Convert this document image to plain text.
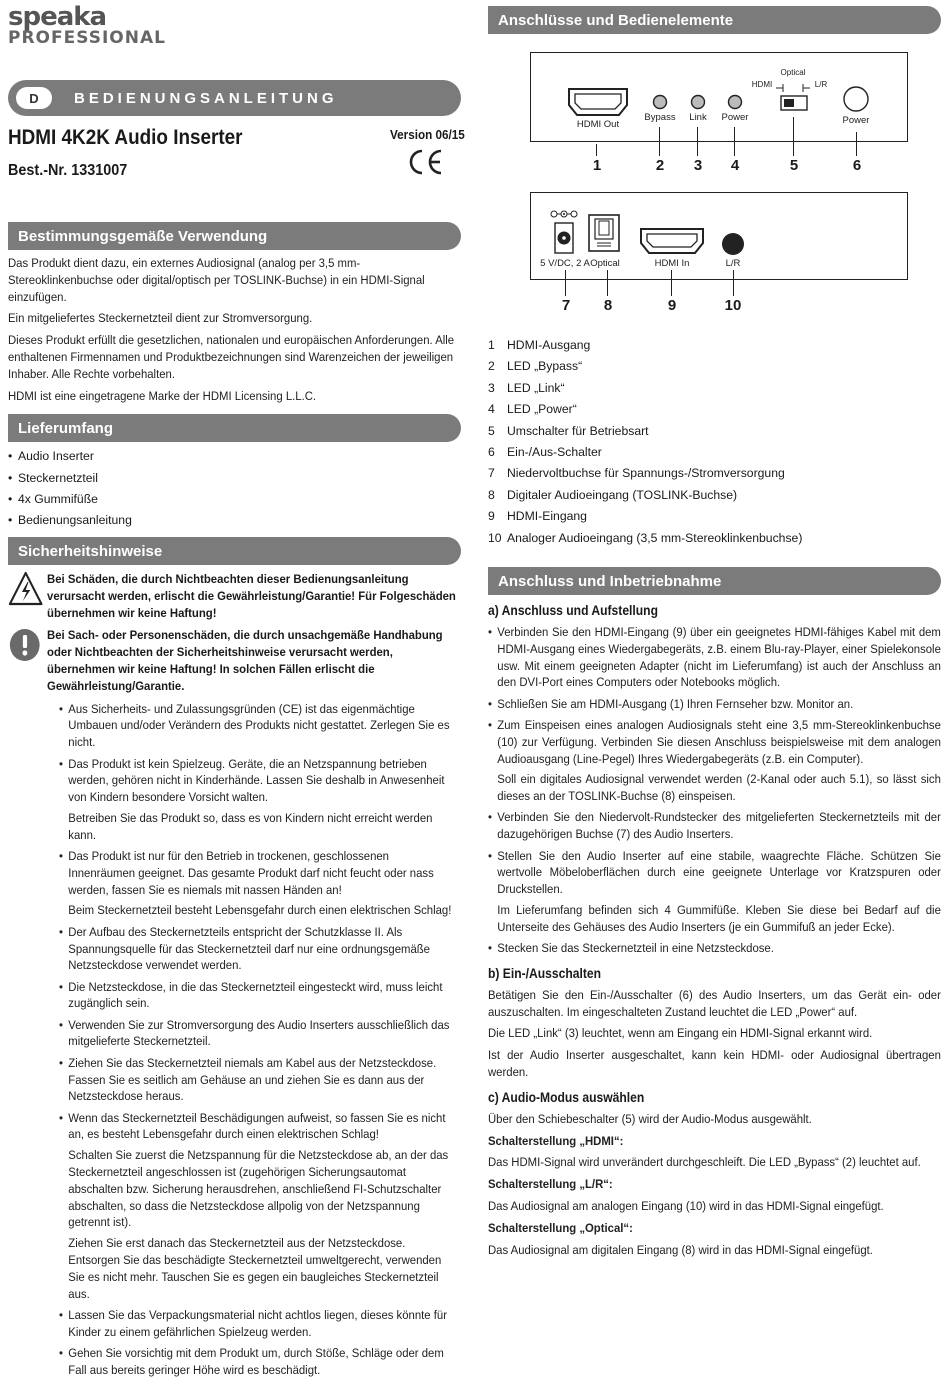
speaka
PROFESSIONAL
D	BEDIENUNGSANLEITUNG
HDMI 4K2K Audio Inserter
Best.-Nr. 1331007
Version 06/15
Bestimmungsgemäße Verwendung

Das Produkt dient dazu, ein externes Audiosignal (analog per 3,5 mm-Stereoklinkenbuchse oder digital/optisch per TOSLINK-Buchse) in ein HDMI-Signal einzufügen.

Ein mitgeliefertes Steckernetzteil dient zur Stromversorgung.

Dieses Produkt erfüllt die gesetzlichen, nationalen und europäischen Anforderungen. Alle enthaltenen Firmennamen und Produktbezeichnungen sind Warenzeichen der jeweiligen Inhaber. Alle Rechte vorbehalten.

HDMI ist eine eingetragene Marke der HDMI Licensing L.L.C.

Lieferumfang
• Audio Inserter
• Steckernetzteil
• 4x Gummifüße
• Bedienungsanleitung
Sicherheitshinweise
Bei Schäden, die durch Nichtbeachten dieser Bedienungsanleitung verursacht werden, erlischt die Gewährleistung/Garantie! Für Folgeschäden übernehmen wir keine Haftung!
Bei Sach- oder Personenschäden, die durch unsachgemäße Handhabung oder Nichtbeachten der Sicherheitshinweise verursacht werden, übernehmen wir keine Haftung! In solchen Fällen erlischt die Gewährleistung/Garantie.
• Aus Sicherheits- und Zulassungsgründen (CE) ist das eigenmächtige Umbauen und/oder Verändern des Produkts nicht gestattet. Zerlegen Sie es nicht.
• Das Produkt ist kein Spielzeug. Geräte, die an Netzspannung betrieben werden, gehören nicht in Kinderhände. Lassen Sie deshalb in Anwesenheit von Kindern besondere Vorsicht walten.
Betreiben Sie das Produkt so, dass es von Kindern nicht erreicht werden kann.
• Das Produkt ist nur für den Betrieb in trockenen, geschlossenen Innenräumen geeignet. Das gesamte Produkt darf nicht feucht oder nass werden, fassen Sie es niemals mit nassen Händen an!
Beim Steckernetzteil besteht Lebensgefahr durch einen elektrischen Schlag!
• Der Aufbau des Steckernetzteils entspricht der Schutzklasse II. Als Spannungsquelle für das Steckernetzteil darf nur eine ordnungsgemäße Netzsteckdose verwendet werden.
• Die Netzsteckdose, in die das Steckernetzteil eingesteckt wird, muss leicht zugänglich sein.
• Verwenden Sie zur Stromversorgung des Audio Inserters ausschließlich das mitgelieferte Steckernetzteil.
• Ziehen Sie das Steckernetzteil niemals am Kabel aus der Netzsteckdose. Fassen Sie es seitlich am Gehäuse an und ziehen Sie es dann aus der Netzsteckdose heraus.
• Wenn das Steckernetzteil Beschädigungen aufweist, so fassen Sie es nicht an, es besteht Lebensgefahr durch einen elektrischen Schlag!
Schalten Sie zuerst die Netzspannung für die Netzsteckdose ab, an der das Steckernetzteil angeschlossen ist (zugehörigen Sicherungsautomat abschalten bzw. Sicherung herausdrehen, anschließend FI-Schutzschalter abschalten, so dass die Netzsteckdose allpolig von der Netzspannung getrennt ist).
Ziehen Sie erst danach das Steckernetzteil aus der Netzsteckdose. Entsorgen Sie das beschädigte Steckernetzteil umweltgerecht, verwenden Sie es nicht mehr. Tauschen Sie es gegen ein baugleiches Steckernetzteil aus.
• Lassen Sie das Verpackungsmaterial nicht achtlos liegen, dieses könnte für Kinder zu einem gefährlichen Spielzeug werden.
• Gehen Sie vorsichtig mit dem Produkt um, durch Stöße, Schläge oder dem Fall aus bereits geringer Höhe wird es beschädigt.
Anschlüsse und Bedienelemente
HDMI Out
Bypass	Link	Power
Optical
HDMI	L/R
Power
1	2	3	4	5	6
5 V/DC, 2 A Optical	HDMI In	L/R
7	8	9	10
1	HDMI-Ausgang
2	LED „Bypass“
3	LED „Link“
4	LED „Power“
5	Umschalter für Betriebsart
6	Ein-/Aus-Schalter
7	Niedervoltbuchse für Spannungs-/Stromversorgung
8	Digitaler Audioeingang (TOSLINK-Buchse)
9	HDMI-Eingang
10 Analoger Audioeingang (3,5 mm-Stereoklinkenbuchse)
Anschluss und Inbetriebnahme
a) Anschluss und Aufstellung
• Verbinden Sie den HDMI-Eingang (9) über ein geeignetes HDMI-fähiges Kabel mit dem HDMI-Ausgang eines Wiedergabegeräts, z.B. einem Blu-ray-Player, einer Spielekonsole usw. Mit einem geeigneten Adapter (nicht im Lieferumfang) ist auch der Anschluss an den DVI-Port eines Computers oder Notebooks möglich.
• Schließen Sie am HDMI-Ausgang (1) Ihren Fernseher bzw. Monitor an.
• Zum Einspeisen eines analogen Audiosignals steht eine 3,5 mm-Stereoklinkenbuchse (10) zur Verfügung. Verbinden Sie diesen Anschluss beispielsweise mit dem analogen Audioausgang (Line-Pegel) Ihres Wiedergabegeräts (z.B. ein Computer).
Soll ein digitales Audiosignal verwendet werden (2-Kanal oder auch 5.1), so lässt sich dieses an der TOSLINK-Buchse (8) einspeisen.
• Verbinden Sie den Niedervolt-Rundstecker des mitgelieferten Steckernetzteils mit der dazugehörigen Buchse (7) des Audio Inserters.
• Stellen Sie den Audio Inserter auf eine stabile, waagrechte Fläche. Schützen Sie wertvolle Möbeloberflächen durch eine geeignete Unterlage vor Kratzspuren oder Druckstellen.
Im Lieferumfang befinden sich 4 Gummifüße. Kleben Sie diese bei Bedarf auf die Unterseite des Gehäuses des Audio Inserters (je ein Gummifuß an jeder Ecke).
• Stecken Sie das Steckernetzteil in eine Netzsteckdose.
b) Ein-/Ausschalten

Betätigen Sie den Ein-/Ausschalter (6) des Audio Inserters, um das Gerät ein- oder auszuschalten. Im eingeschalteten Zustand leuchtet die LED „Power“ auf.

Die LED „Link“ (3) leuchtet, wenn am Eingang ein HDMI-Signal erkannt wird.

Ist der Audio Inserter ausgeschaltet, kann kein HDMI- oder Audiosignal übertragen werden.

c) Audio-Modus auswählen

Über den Schiebeschalter (5) wird der Audio-Modus ausgewählt.

Schalterstellung „HDMI“:

Das HDMI-Signal wird unverändert durchgeschleift. Die LED „Bypass“ (2) leuchtet auf.

Schalterstellung „L/R“:

Das Audiosignal am analogen Eingang (10) wird in das HDMI-Signal eingefügt.

Schalterstellung „Optical“:

Das Audiosignal am digitalen Eingang (8) wird in das HDMI-Signal eingefügt.
